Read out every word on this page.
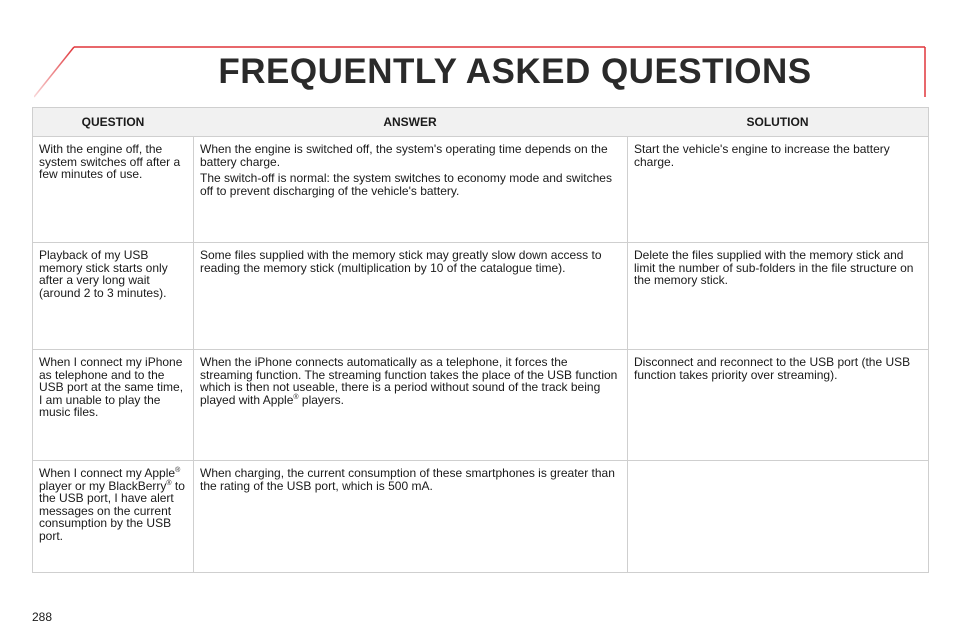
FREQUENTLY ASKED QUESTIONS
QUESTION	ANSWER	SOLUTION

With the engine off, the system switches off after a few minutes of use.

When the engine is switched off, the system's operating time depends on the battery charge.

The switch-off is normal: the system switches to economy mode and switches off to prevent discharging of the vehicle's battery.

Start the vehicle's engine to increase the battery charge.

Playback of my USB memory stick starts only after a very long wait (around 2 to 3 minutes).

Some files supplied with the memory stick may greatly slow down access to reading the memory stick (multiplication by 10 of the catalogue time).

Delete the files supplied with the memory stick and limit the number of sub-folders in the file structure on the memory stick.

When I connect my iPhone as telephone and to the USB port at the same time, I am unable to play the music files.

When the iPhone connects automatically as a telephone, it forces the streaming function. The streaming function takes the place of the USB function which is then not useable, there is a period without sound of the track being played with Apple® players.

Disconnect and reconnect to the USB port (the USB function takes priority over streaming).

When I connect my Apple® player or my BlackBerry® to the USB port, I have alert messages on the current consumption by the USB port.

When charging, the current consumption of these smartphones is greater than the rating of the USB port, which is 500 mA.

288
